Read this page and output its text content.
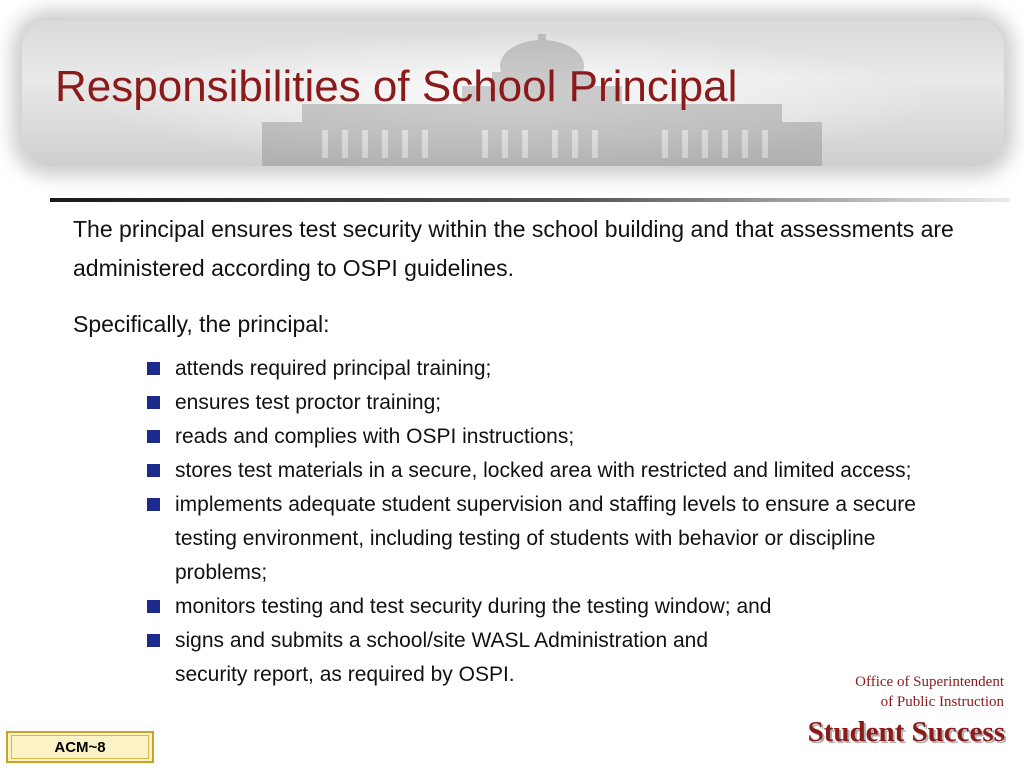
Responsibilities of School Principal

The principal ensures test security within the school building and that assessments are administered according to OSPI guidelines.

Specifically, the principal:

attends required principal training;
ensures test proctor training;
reads and complies with OSPI instructions;
stores test materials in a secure, locked area with restricted and limited access;
implements adequate student supervision and staffing levels to ensure a secure testing environment, including testing of students with behavior or discipline problems;
monitors testing and test security during the testing window; and
signs and submits a school/site WASL Administration and security report, as required by OSPI.	Office of Superintendent
of Public Instruction
Student Success
ACM~8
